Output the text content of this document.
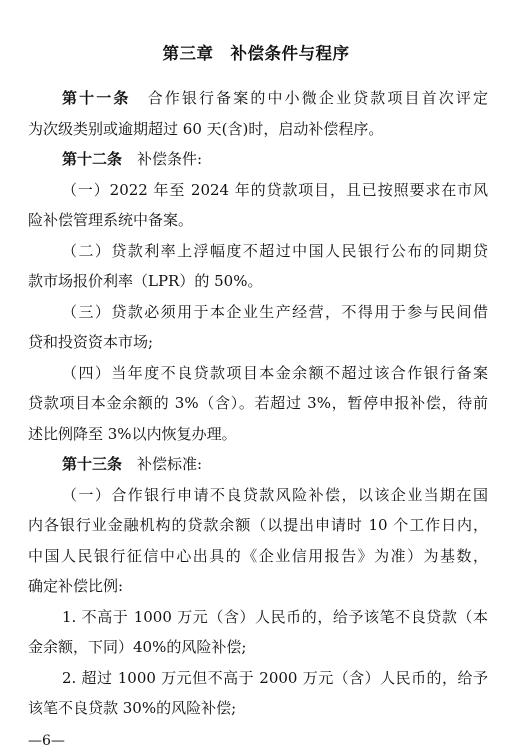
第三章　补偿条件与程序
第十一条　 合作银行备案的中小微企业贷款项目首次评定
为次级类别或逾期超过 60 天(含)时，启动补偿程序。
第十二条　 补偿条件:
（一）2022 年至 2024 年的贷款项目，且已按照要求在市风
险补偿管理系统中备案。
（二）贷款利率上浮幅度不超过中国人民银行公布的同期贷
款市场报价利率（LPR）的 50%。
（三）贷款必须用于本企业生产经营，不得用于参与民间借
贷和投资资本市场;
（四）当年度不良贷款项目本金余额不超过该合作银行备案
贷款项目本金余额的 3%（含）。若超过 3%，暂停申报补偿，待前
述比例降至 3%以内恢复办理。
第十三条　 补偿标准:
（一）合作银行申请不良贷款风险补偿，以该企业当期在国
内各银行业金融机构的贷款余额（以提出申请时 10 个工作日内，
中国人民银行征信中心出具的《企业信用报告》为准）为基数，
确定补偿比例:
1. 不高于 1000 万元（含）人民币的，给予该笔不良贷款（本
金余额，下同）40%的风险补偿;
2. 超过 1000 万元但不高于 2000 万元（含）人民币的，给予
—6—
该笔不良贷款 30%的风险补偿;
